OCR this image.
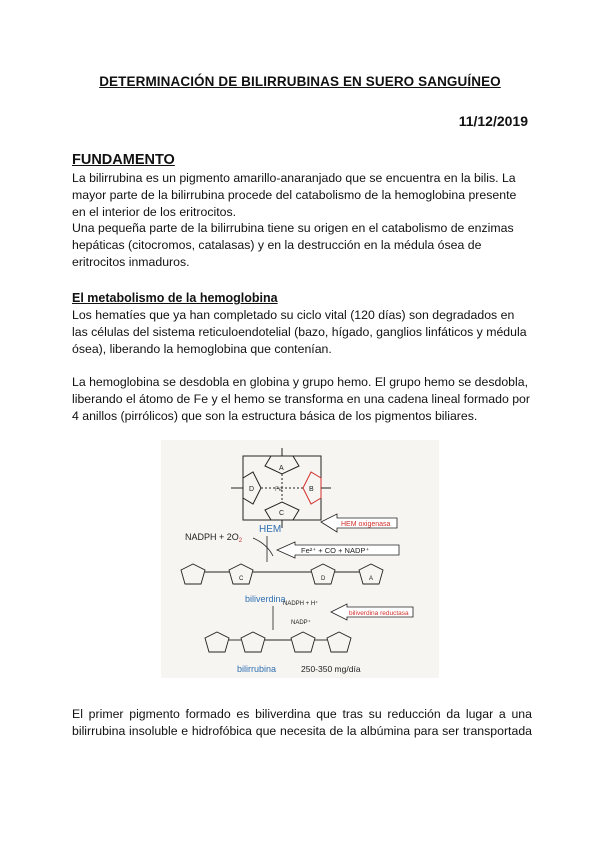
DETERMINACIÓN DE BILIRRUBINAS EN SUERO SANGUÍNEO
11/12/2019
FUNDAMENTO
La bilirrubina es un pigmento amarillo-anaranjado que se encuentra en la bilis. La mayor parte de la bilirrubina procede del catabolismo de la hemoglobina presente en el interior de los eritrocitos.
Una pequeña parte de la bilirrubina tiene su origen en el catabolismo de enzimas hepáticas (citocromos, catalasas) y en la destrucción en la médula ósea de eritrocitos inmaduros.
El metabolismo de la hemoglobina
Los hematíes que ya han completado su ciclo vital (120 días) son degradados en las células del sistema reticuloendotelial (bazo, hígado, ganglios linfáticos y médula ósea), liberando la hemoglobina que contenían.
La hemoglobina se desdobla en globina y grupo hemo. El grupo hemo se desdobla, liberando el átomo de Fe y el hemo se transforma en una cadena lineal formado por 4 anillos (pirrólicos) que son la estructura básica de los pigmentos biliares.
A
B
C
D	Fe
HEM
NADPH + $2O_2$
HEM oxigenasa
Fe²⁺ + CO + NADP⁺
C	D	A
biliverdina
NADPH + H⁺
NADP⁺
biliverdina reductasa
bilirrubina	250-350 mg/día
El primer pigmento formado es biliverdina que tras su reducción da lugar a una
bilirrubina insoluble e hidrofóbica que necesita de la albúmina para ser transportada
